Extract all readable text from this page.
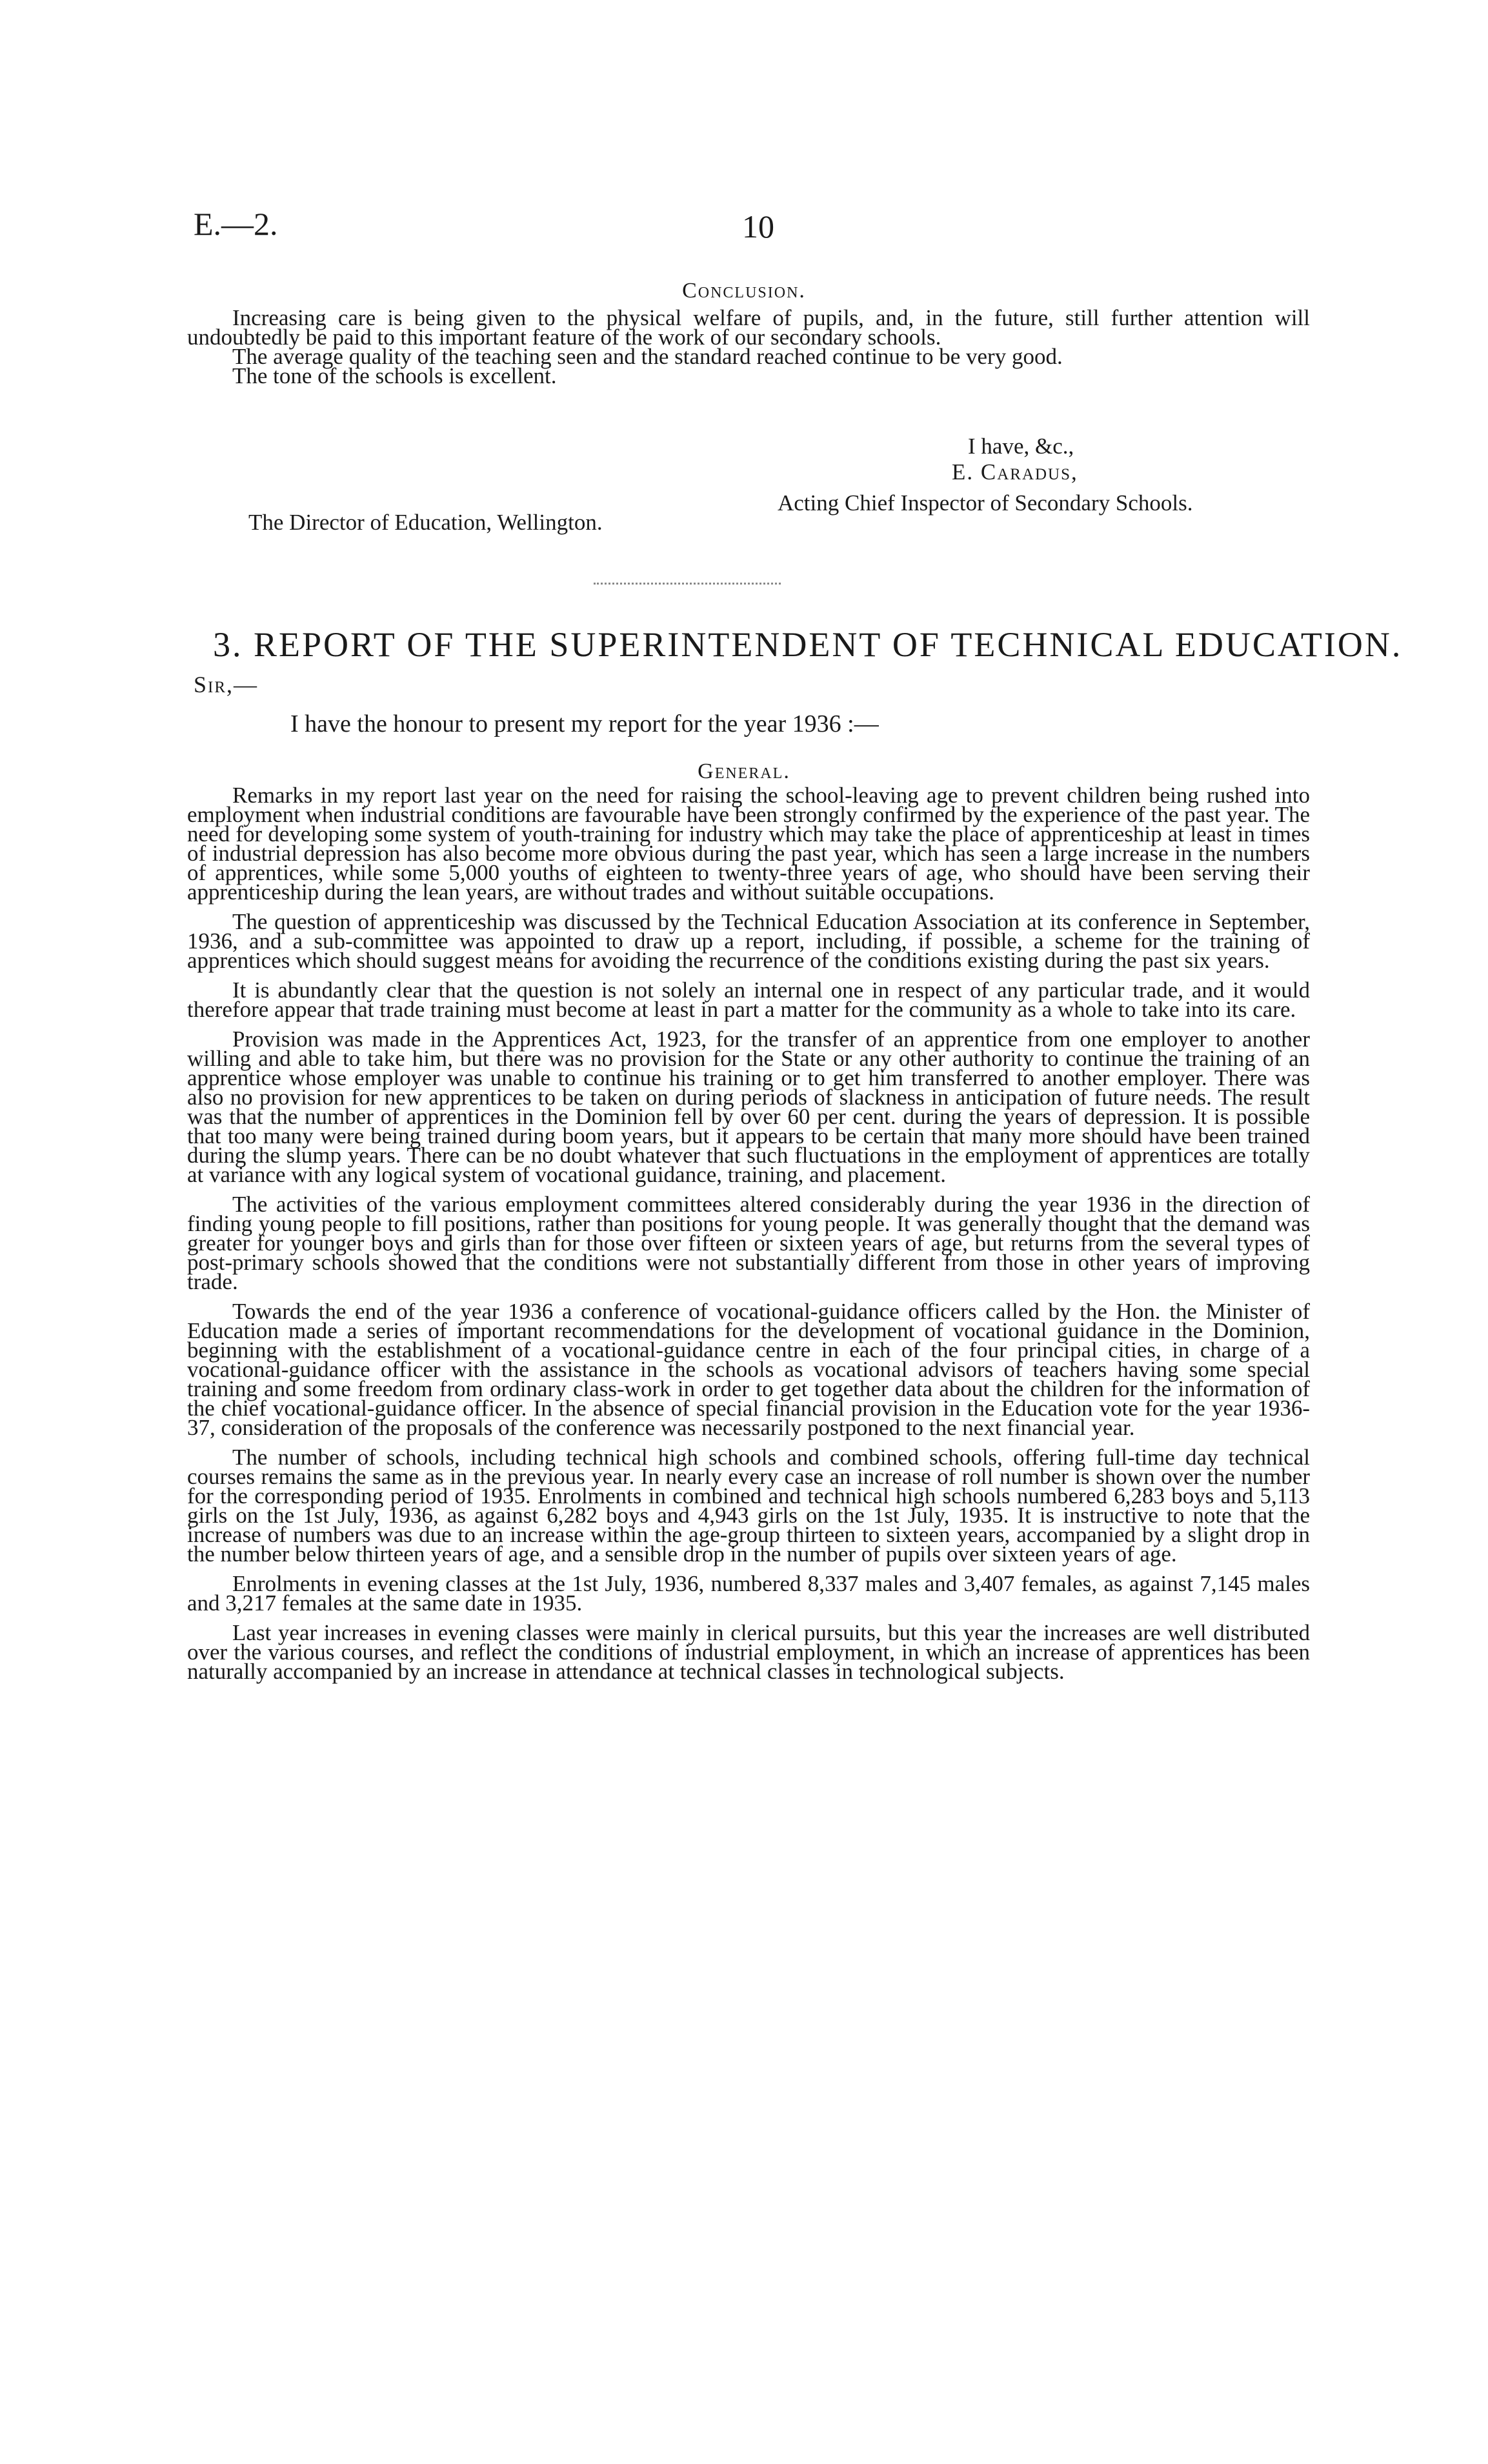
E.—2.	10
Conclusion.

Increasing care is being given to the physical welfare of pupils, and, in the future, still further attention will undoubtedly be paid to this important feature of the work of our secondary schools.

The average quality of the teaching seen and the standard reached continue to be very good.

The tone of the schools is excellent.

I have, &c.,
E. Caradus,
Acting Chief Inspector of Secondary Schools.
The Director of Education, Wellington.
3. REPORT OF THE SUPERINTENDENT OF TECHNICAL EDUCATION.
Sir,—
I have the honour to present my report for the year 1936 :—
General.

Remarks in my report last year on the need for raising the school-leaving age to prevent children being rushed into employment when industrial conditions are favourable have been strongly confirmed by the experience of the past year. The need for developing some system of youth-training for industry which may take the place of apprenticeship at least in times of industrial depression has also become more obvious during the past year, which has seen a large increase in the numbers of apprentices, while some 5,000 youths of eighteen to twenty-three years of age, who should have been serving their apprenticeship during the lean years, are without trades and without suitable occupations.

The question of apprenticeship was discussed by the Technical Education Association at its conference in September, 1936, and a sub-committee was appointed to draw up a report, including, if possible, a scheme for the training of apprentices which should suggest means for avoiding the recurrence of the conditions existing during the past six years.

It is abundantly clear that the question is not solely an internal one in respect of any particular trade, and it would therefore appear that trade training must become at least in part a matter for the community as a whole to take into its care.

Provision was made in the Apprentices Act, 1923, for the transfer of an apprentice from one employer to another willing and able to take him, but there was no provision for the State or any other authority to continue the training of an apprentice whose employer was unable to continue his training or to get him transferred to another employer. There was also no provision for new apprentices to be taken on during periods of slackness in anticipation of future needs. The result was that the number of apprentices in the Dominion fell by over 60 per cent. during the years of depression. It is possible that too many were being trained during boom years, but it appears to be certain that many more should have been trained during the slump years. There can be no doubt whatever that such fluctuations in the employment of apprentices are totally at variance with any logical system of vocational guidance, training, and placement.

The activities of the various employment committees altered considerably during the year 1936 in the direction of finding young people to fill positions, rather than positions for young people. It was generally thought that the demand was greater for younger boys and girls than for those over fifteen or sixteen years of age, but returns from the several types of post-primary schools showed that the conditions were not substantially different from those in other years of improving trade.

Towards the end of the year 1936 a conference of vocational-guidance officers called by the Hon. the Minister of Education made a series of important recommendations for the development of vocational guidance in the Dominion, beginning with the establishment of a vocational-guidance centre in each of the four principal cities, in charge of a vocational-guidance officer with the assistance in the schools as vocational advisors of teachers having some special training and some freedom from ordinary class-work in order to get together data about the children for the information of the chief vocational-guidance officer. In the absence of special financial provision in the Education vote for the year 1936-37, consideration of the proposals of the conference was necessarily postponed to the next financial year.

The number of schools, including technical high schools and combined schools, offering full-time day technical courses remains the same as in the previous year. In nearly every case an increase of roll number is shown over the number for the corresponding period of 1935. Enrolments in combined and technical high schools numbered 6,283 boys and 5,113 girls on the 1st July, 1936, as against 6,282 boys and 4,943 girls on the 1st July, 1935. It is instructive to note that the increase of numbers was due to an increase within the age-group thirteen to sixteen years, accompanied by a slight drop in the number below thirteen years of age, and a sensible drop in the number of pupils over sixteen years of age.

Enrolments in evening classes at the 1st July, 1936, numbered 8,337 males and 3,407 females, as against 7,145 males and 3,217 females at the same date in 1935.

Last year increases in evening classes were mainly in clerical pursuits, but this year the increases are well distributed over the various courses, and reflect the conditions of industrial employment, in which an increase of apprentices has been naturally accompanied by an increase in attendance at technical classes in technological subjects.
